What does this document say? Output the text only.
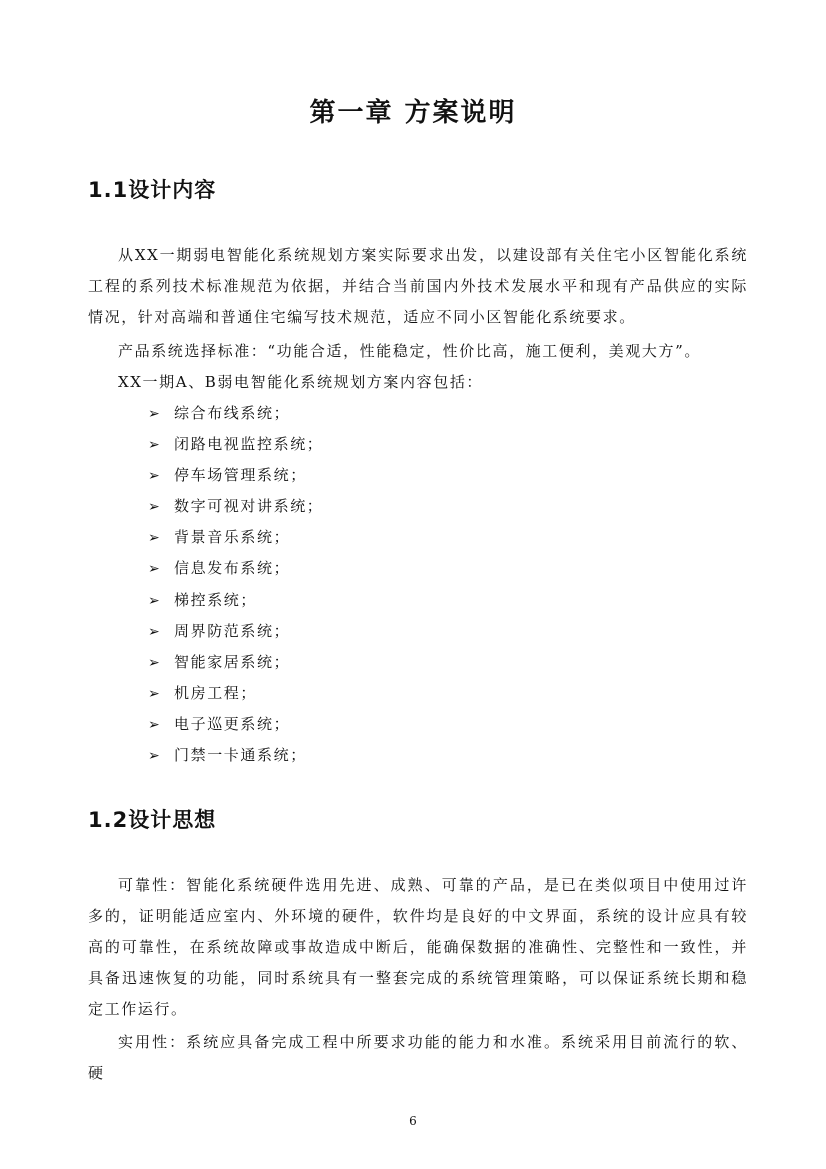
第一章 方案说明
1.1设计内容

从XX一期弱电智能化系统规划方案实际要求出发，以建设部有关住宅小区智能化系统工程的系列技术标准规范为依据，并结合当前国内外技术发展水平和现有产品供应的实际情况，针对高端和普通住宅编写技术规范，适应不同小区智能化系统要求。

产品系统选择标准：“功能合适，性能稳定，性价比高，施工便利，美观大方”。

XX一期A、B弱电智能化系统规划方案内容包括：

➢ 综合布线系统；
➢ 闭路电视监控系统；
➢ 停车场管理系统；
➢ 数字可视对讲系统；
➢ 背景音乐系统；
➢ 信息发布系统；
➢ 梯控系统；
➢ 周界防范系统；
➢ 智能家居系统；
➢ 机房工程；
➢ 电子巡更系统；
➢ 门禁一卡通系统；
1.2设计思想

可靠性：智能化系统硬件选用先进、成熟、可靠的产品，是已在类似项目中使用过许多的，证明能适应室内、外环境的硬件，软件均是良好的中文界面，系统的设计应具有较高的可靠性，在系统故障或事故造成中断后，能确保数据的准确性、完整性和一致性，并具备迅速恢复的功能，同时系统具有一整套完成的系统管理策略，可以保证系统长期和稳定工作运行。

实用性：系统应具备完成工程中所要求功能的能力和水准。系统采用目前流行的软、硬

6
